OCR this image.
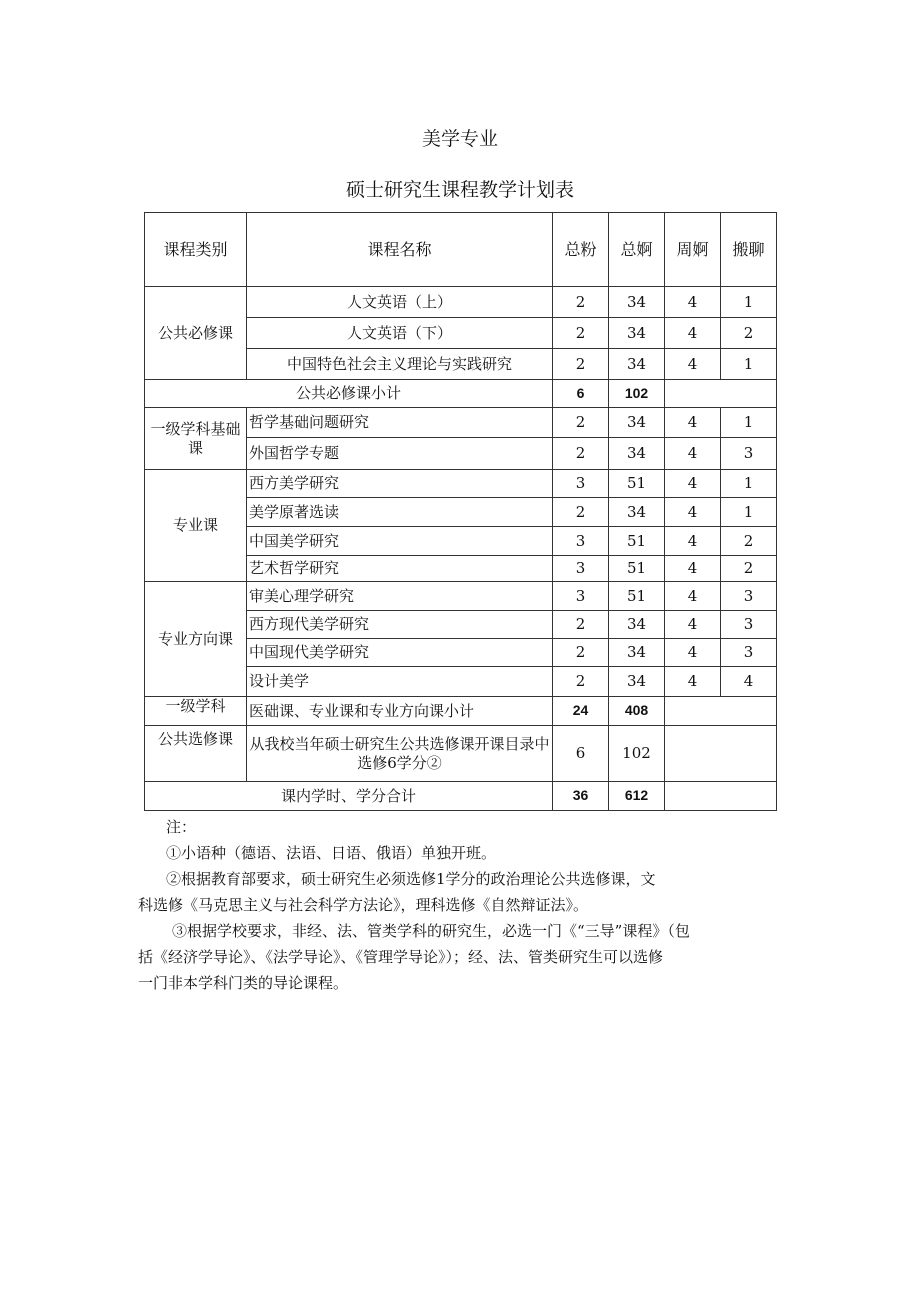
美学专业
硕士研究生课程教学计划表
课程类别	课程名称	总粉	总婀	周婀	搬聊
公共必修课	人文英语（上）	2	34	4	1
	人文英语（下）	2	34	4	2
	中国特色社会主义理论与实践研究	2	34	4	1
公共必修课小计		6	102		
一级学科基础课	哲学基础问题研究	2	34	4	1
	外国哲学专题	2	34	4	3
专业课	西方美学研究	3	51	4	1
	美学原著选读	2	34	4	1
	中国美学研究	3	51	4	2
	艺术哲学研究	3	51	4	2
专业方向课	审美心理学研究	3	51	4	3
	西方现代美学研究	2	34	4	3
	中国现代美学研究	2	34	4	3
	设计美学	2	34	4	4
一级学科	医础课、专业课和专业方向课小计	24	408		
公共选修课	从我校当年硕士研究生公共选修课开课目录中选修6学分②	6	102		
课内学时、学分合计		36	612		
注：
①小语种（德语、法语、日语、俄语）单独开班。
②根据教育部要求，硕士研究生必须选修1学分的政治理论公共选修课，文
科选修《马克思主义与社会科学方法论》，理科选修《自然辩证法》。
③根据学校要求，非经、法、管类学科的研究生，必选一门《“三导”课程》（包
括《经济学导论》、《法学导论》、《管理学导论》）；经、法、管类研究生可以选修
一门非本学科门类的导论课程。
